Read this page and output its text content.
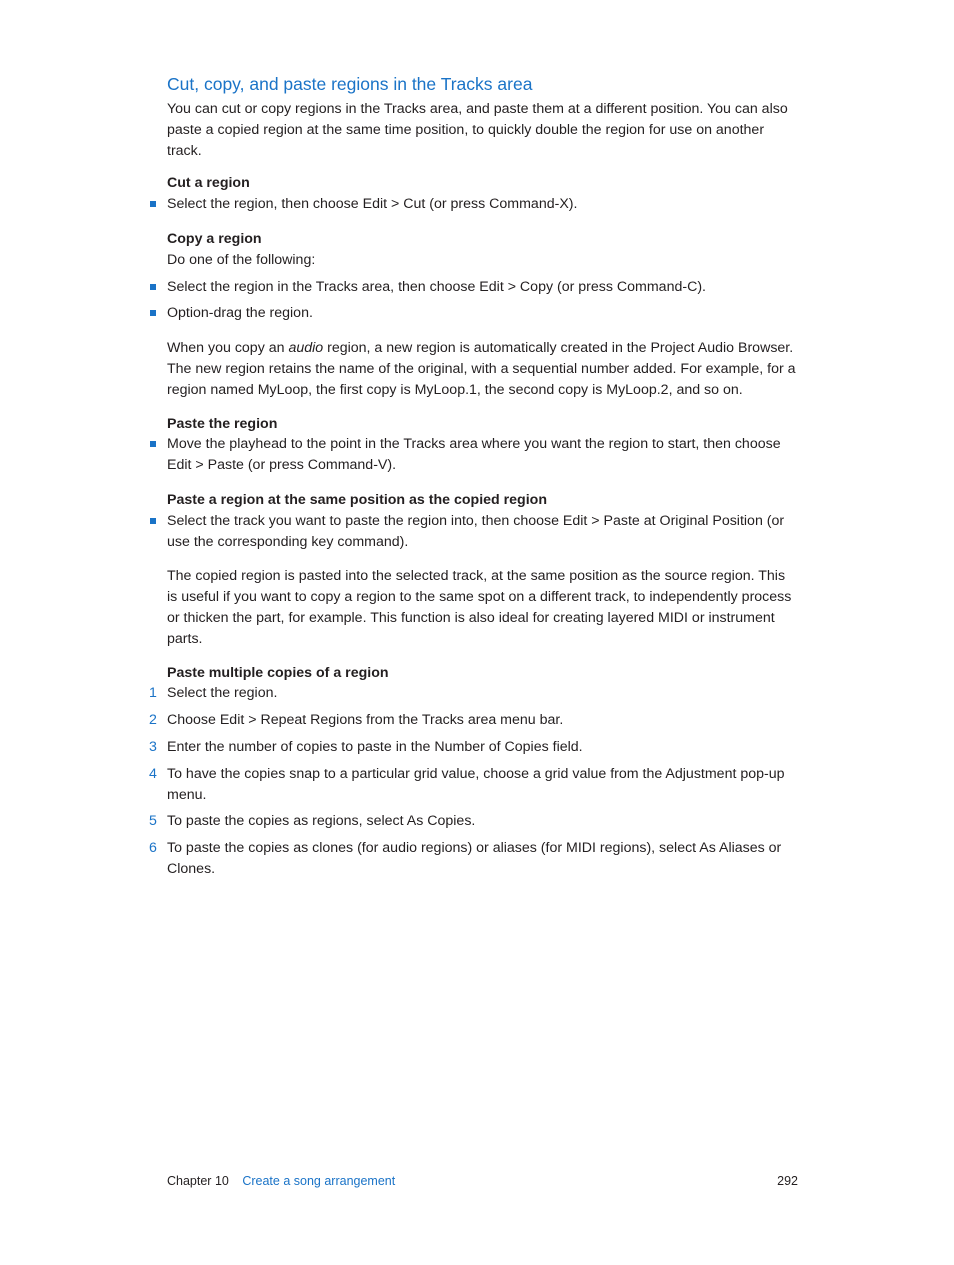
Cut, copy, and paste regions in the Tracks area

You can cut or copy regions in the Tracks area, and paste them at a different position. You can also paste a copied region at the same time position, to quickly double the region for use on another track.

Cut a region
Select the region, then choose Edit > Cut (or press Command-X).
Copy a region

Do one of the following:

Select the region in the Tracks area, then choose Edit > Copy (or press Command-C).
Option-drag the region.

When you copy an audio region, a new region is automatically created in the Project Audio Browser. The new region retains the name of the original, with a sequential number added. For example, for a region named MyLoop, the first copy is MyLoop.1, the second copy is MyLoop.2, and so on.

Paste the region
Move the playhead to the point in the Tracks area where you want the region to start, then choose Edit > Paste (or press Command-V).
Paste a region at the same position as the copied region
Select the track you want to paste the region into, then choose Edit > Paste at Original Position (or use the corresponding key command).

The copied region is pasted into the selected track, at the same position as the source region. This is useful if you want to copy a region to the same spot on a different track, to independently process or thicken the part, for example. This function is also ideal for creating layered MIDI or instrument parts.

Paste multiple copies of a region
1 Select the region.
2 Choose Edit > Repeat Regions from the Tracks area menu bar.
3 Enter the number of copies to paste in the Number of Copies field.
4 To have the copies snap to a particular grid value, choose a grid value from the Adjustment pop-up menu.
5 To paste the copies as regions, select As Copies.
6 To paste the copies as clones (for audio regions) or aliases (for MIDI regions), select As Aliases or Clones.
Chapter 10 Create a song arrangement	292
